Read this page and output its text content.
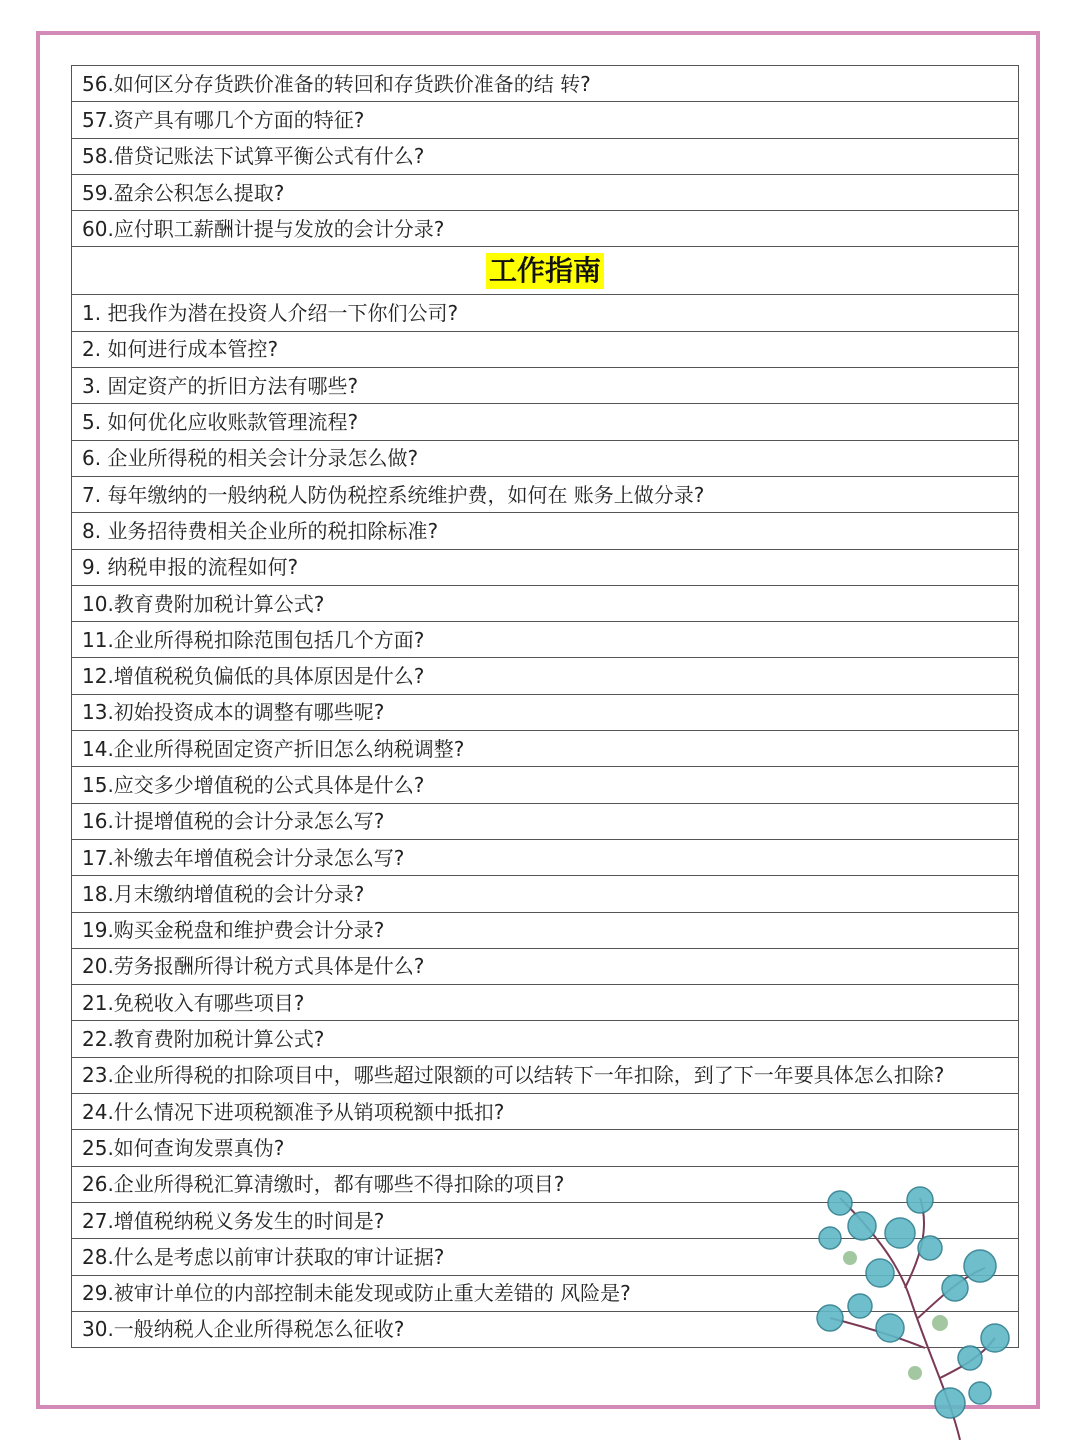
56.如何区分存货跌价准备的转回和存货跌价准备的结 转?
57.资产具有哪几个方面的特征?
58.借贷记账法下试算平衡公式有什么?
59.盈余公积怎么提取?
60.应付职工薪酬计提与发放的会计分录?
工作指南
1. 把我作为潜在投资人介绍一下你们公司?
2. 如何进行成本管控?
3. 固定资产的折旧方法有哪些?
5. 如何优化应收账款管理流程?
6. 企业所得税的相关会计分录怎么做?
7. 每年缴纳的一般纳税人防伪税控系统维护费，如何在 账务上做分录?
8. 业务招待费相关企业所的税扣除标准?
9. 纳税申报的流程如何?
10.教育费附加税计算公式?
11.企业所得税扣除范围包括几个方面?
12.增值税税负偏低的具体原因是什么?
13.初始投资成本的调整有哪些呢?
14.企业所得税固定资产折旧怎么纳税调整?
15.应交多少增值税的公式具体是什么?
16.计提增值税的会计分录怎么写?
17.补缴去年增值税会计分录怎么写?
18.月末缴纳增值税的会计分录?
19.购买金税盘和维护费会计分录?
20.劳务报酬所得计税方式具体是什么?
21.免税收入有哪些项目?
22.教育费附加税计算公式?
23.企业所得税的扣除项目中，哪些超过限额的可以结转下一年扣除，到了下一年要具体怎么扣除?
24.什么情况下进项税额准予从销项税额中抵扣?
25.如何查询发票真伪?
26.企业所得税汇算清缴时，都有哪些不得扣除的项目?
27.增值税纳税义务发生的时间是?
28.什么是考虑以前审计获取的审计证据?
29.被审计单位的内部控制未能发现或防止重大差错的 风险是?
30.一般纳税人企业所得税怎么征收?
